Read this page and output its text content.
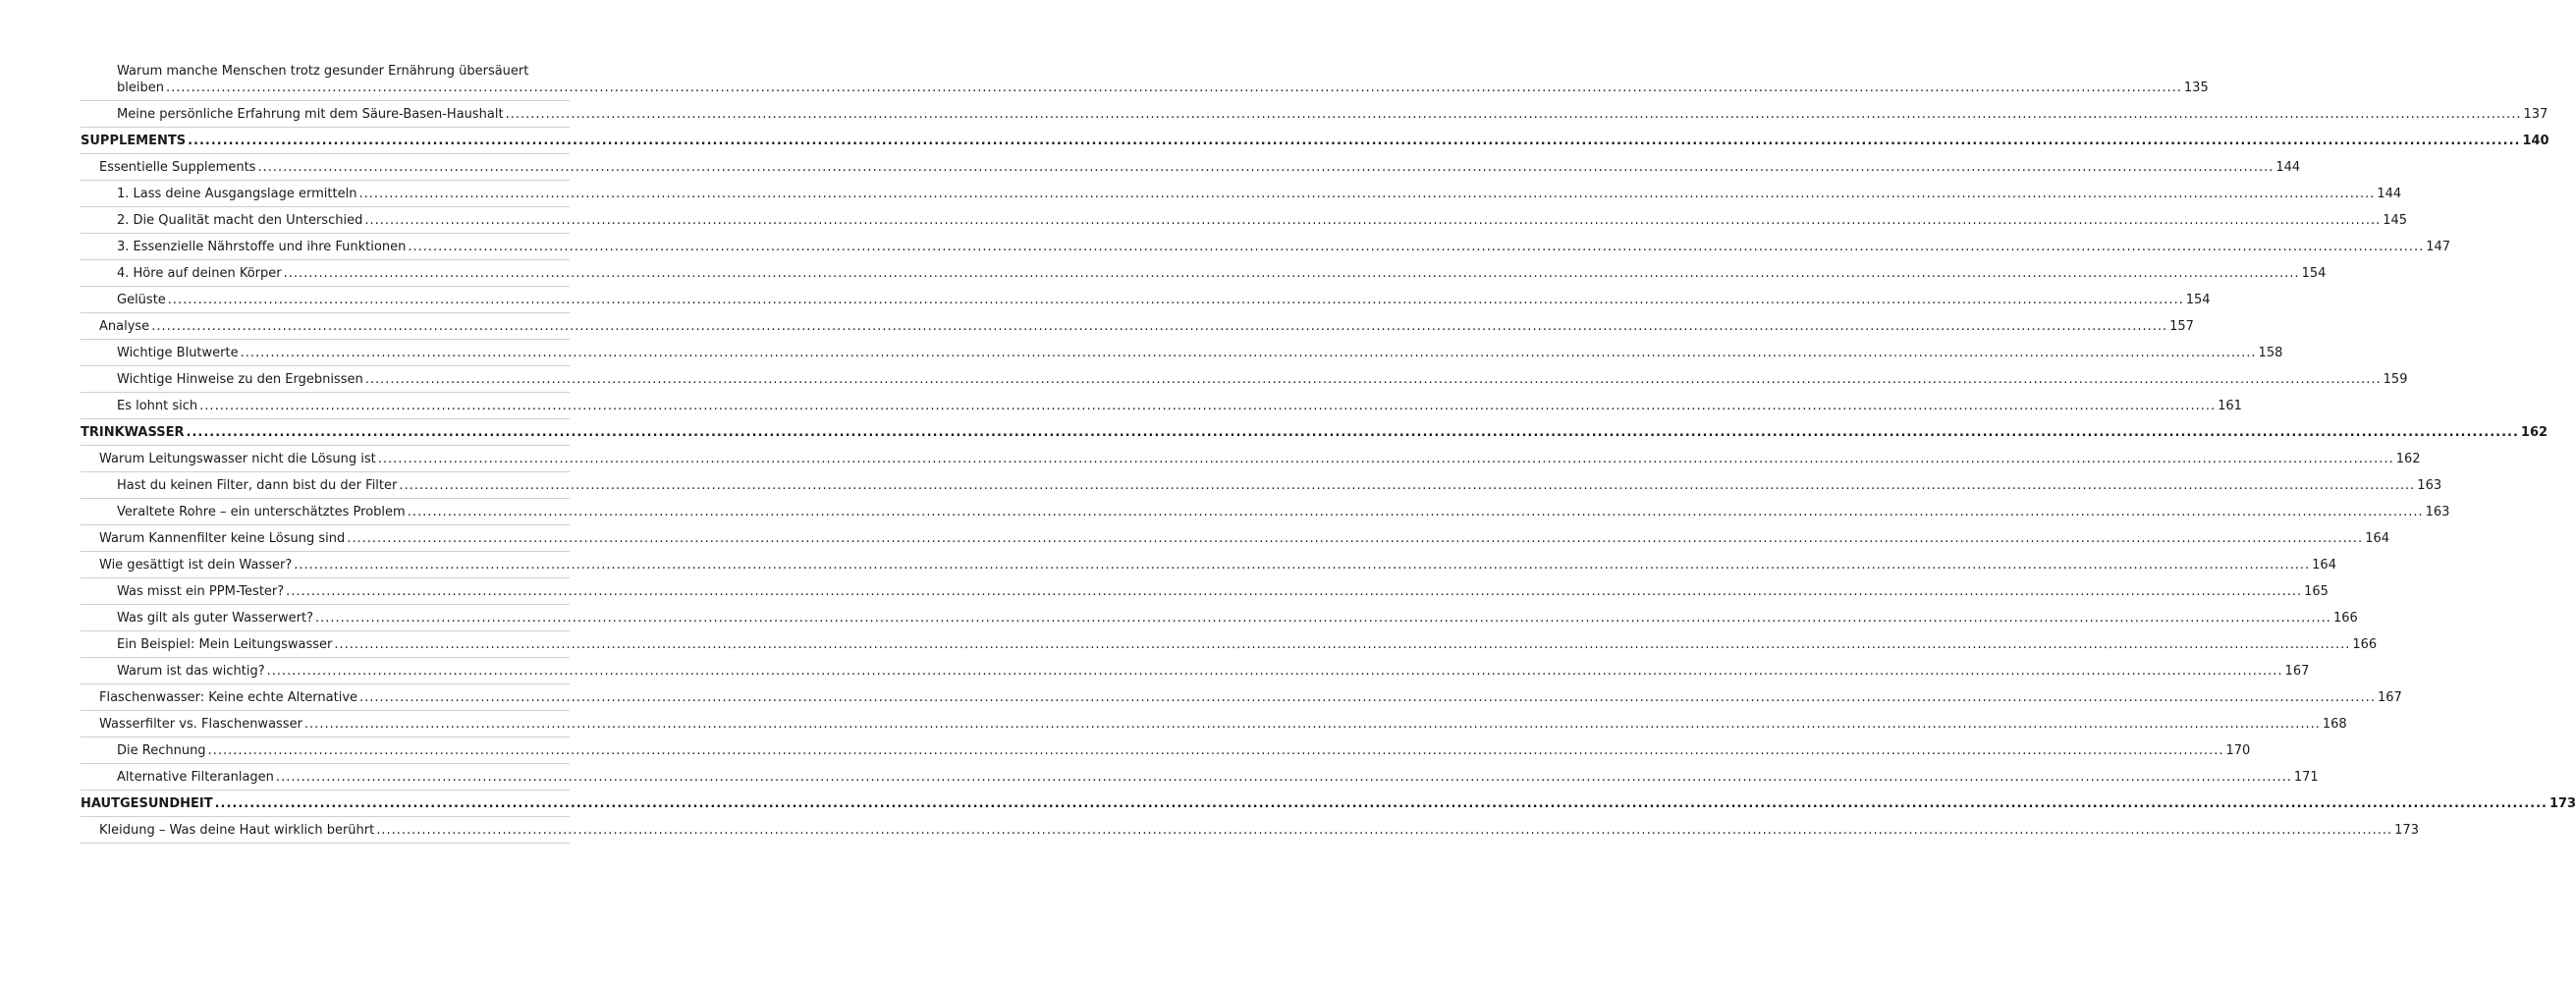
Warum manche Menschen trotz gesunder Ernährung übersäuert
bleiben ................................................................................................................................................................................................................................................................................................................................................................................................................ 135
Meine persönliche Erfahrung mit dem Säure-Basen-Haushalt ................................................................................................................................................................................................................................................................................................................................................................................................................ 137
SUPPLEMENTS ................................................................................................................................................................................................................................................................................................................................................................................................................ 140
Essentielle Supplements ................................................................................................................................................................................................................................................................................................................................................................................................................ 144
1. Lass deine Ausgangslage ermitteln ................................................................................................................................................................................................................................................................................................................................................................................................................ 144
2. Die Qualität macht den Unterschied ................................................................................................................................................................................................................................................................................................................................................................................................................ 145
3. Essenzielle Nährstoffe und ihre Funktionen ................................................................................................................................................................................................................................................................................................................................................................................................................ 147
4. Höre auf deinen Körper ................................................................................................................................................................................................................................................................................................................................................................................................................ 154
Gelüste ................................................................................................................................................................................................................................................................................................................................................................................................................ 154
Analyse ................................................................................................................................................................................................................................................................................................................................................................................................................ 157
Wichtige Blutwerte ................................................................................................................................................................................................................................................................................................................................................................................................................ 158
Wichtige Hinweise zu den Ergebnissen ................................................................................................................................................................................................................................................................................................................................................................................................................ 159
Es lohnt sich ................................................................................................................................................................................................................................................................................................................................................................................................................ 161
TRINKWASSER ................................................................................................................................................................................................................................................................................................................................................................................................................ 162
Warum Leitungswasser nicht die Lösung ist ................................................................................................................................................................................................................................................................................................................................................................................................................ 162
Hast du keinen Filter, dann bist du der Filter ................................................................................................................................................................................................................................................................................................................................................................................................................ 163
Veraltete Rohre – ein unterschätztes Problem ................................................................................................................................................................................................................................................................................................................................................................................................................ 163
Warum Kannenfilter keine Lösung sind ................................................................................................................................................................................................................................................................................................................................................................................................................ 164
Wie gesättigt ist dein Wasser? ................................................................................................................................................................................................................................................................................................................................................................................................................ 164
Was misst ein PPM-Tester? ................................................................................................................................................................................................................................................................................................................................................................................................................ 165
Was gilt als guter Wasserwert? ................................................................................................................................................................................................................................................................................................................................................................................................................ 166
Ein Beispiel: Mein Leitungswasser ................................................................................................................................................................................................................................................................................................................................................................................................................ 166
Warum ist das wichtig? ................................................................................................................................................................................................................................................................................................................................................................................................................ 167
Flaschenwasser: Keine echte Alternative ................................................................................................................................................................................................................................................................................................................................................................................................................ 167
Wasserfilter vs. Flaschenwasser ................................................................................................................................................................................................................................................................................................................................................................................................................ 168
Die Rechnung ................................................................................................................................................................................................................................................................................................................................................................................................................ 170
Alternative Filteranlagen ................................................................................................................................................................................................................................................................................................................................................................................................................ 171
HAUTGESUNDHEIT ................................................................................................................................................................................................................................................................................................................................................................................................................ 173
Kleidung – Was deine Haut wirklich berührt ................................................................................................................................................................................................................................................................................................................................................................................................................ 173
